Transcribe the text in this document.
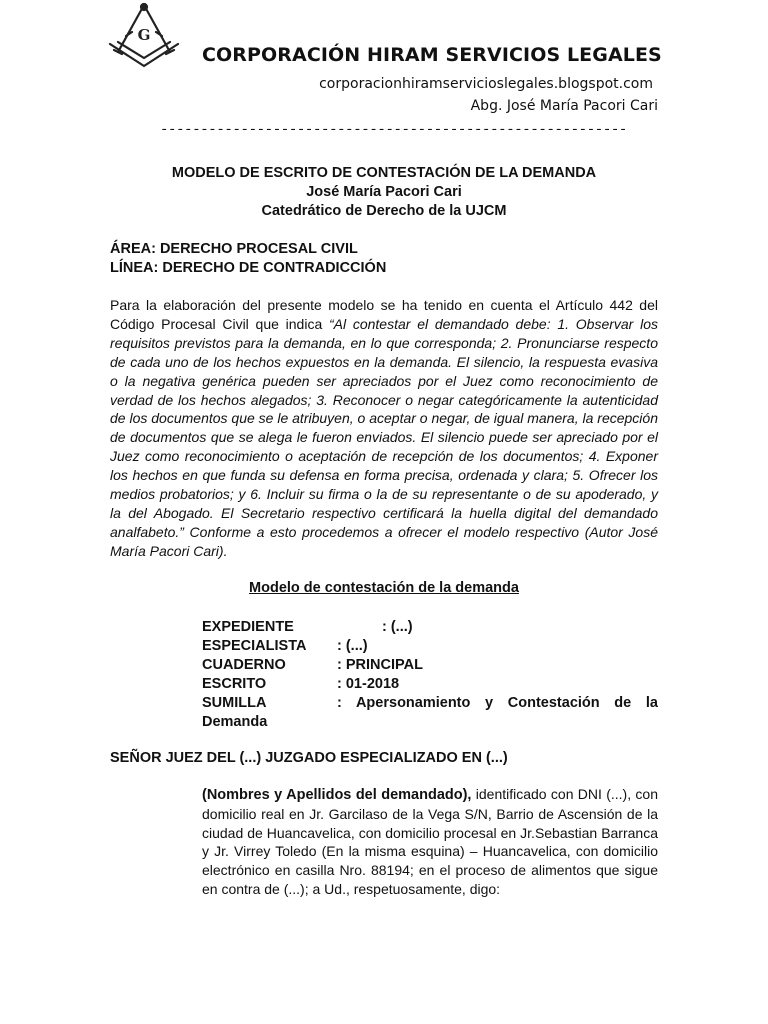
G
CORPORACIÓN HIRAM SERVICIOS LEGALES
corporacionhiramservicioslegales.blogspot.com
Abg. José María Pacori Cari
----------------------------------------------------------
MODELO DE ESCRITO DE CONTESTACIÓN DE LA DEMANDA
José María Pacori Cari
Catedrático de Derecho de la UJCM
ÁREA: DERECHO PROCESAL CIVIL
LÍNEA: DERECHO DE CONTRADICCIÓN
Para la elaboración del presente modelo se ha tenido en cuenta el Artículo 442 del Código Procesal Civil que indica “Al contestar el demandado debe: 1. Observar los requisitos previstos para la demanda, en lo que corresponda; 2. Pronunciarse respecto de cada uno de los hechos expuestos en la demanda. El silencio, la respuesta evasiva o la negativa genérica pueden ser apreciados por el Juez como reconocimiento de verdad de los hechos alegados; 3. Reconocer o negar categóricamente la autenticidad de los documentos que se le atribuyen, o aceptar o negar, de igual manera, la recepción de documentos que se alega le fueron enviados. El silencio puede ser apreciado por el Juez como reconocimiento o aceptación de recepción de los documentos; 4. Exponer los hechos en que funda su defensa en forma precisa, ordenada y clara; 5. Ofrecer los medios probatorios; y 6. Incluir su firma o la de su representante o de su apoderado, y la del Abogado. El Secretario respectivo certificará la huella digital del demandado analfabeto.” Conforme a esto procedemos a ofrecer el modelo respectivo (Autor José María Pacori Cari).
Modelo de contestación de la demanda
EXPEDIENTE	: (...)
ESPECIALISTA	: (...)
CUADERNO	: PRINCIPAL
ESCRITO	: 01-2018
SUMILLA	: Apersonamiento y Contestación de la
Demanda
SEÑOR JUEZ DEL (...) JUZGADO ESPECIALIZADO EN (...)
(Nombres y Apellidos del demandado), identificado con DNI (...), con domicilio real en Jr. Garcilaso de la Vega S/N, Barrio de Ascensión de la ciudad de Huancavelica, con domicilio procesal en Jr.Sebastian Barranca y Jr. Virrey Toledo (En la misma esquina) – Huancavelica, con domicilio electrónico en casilla Nro. 88194; en el proceso de alimentos que sigue en contra de (...); a Ud., respetuosamente, digo:
